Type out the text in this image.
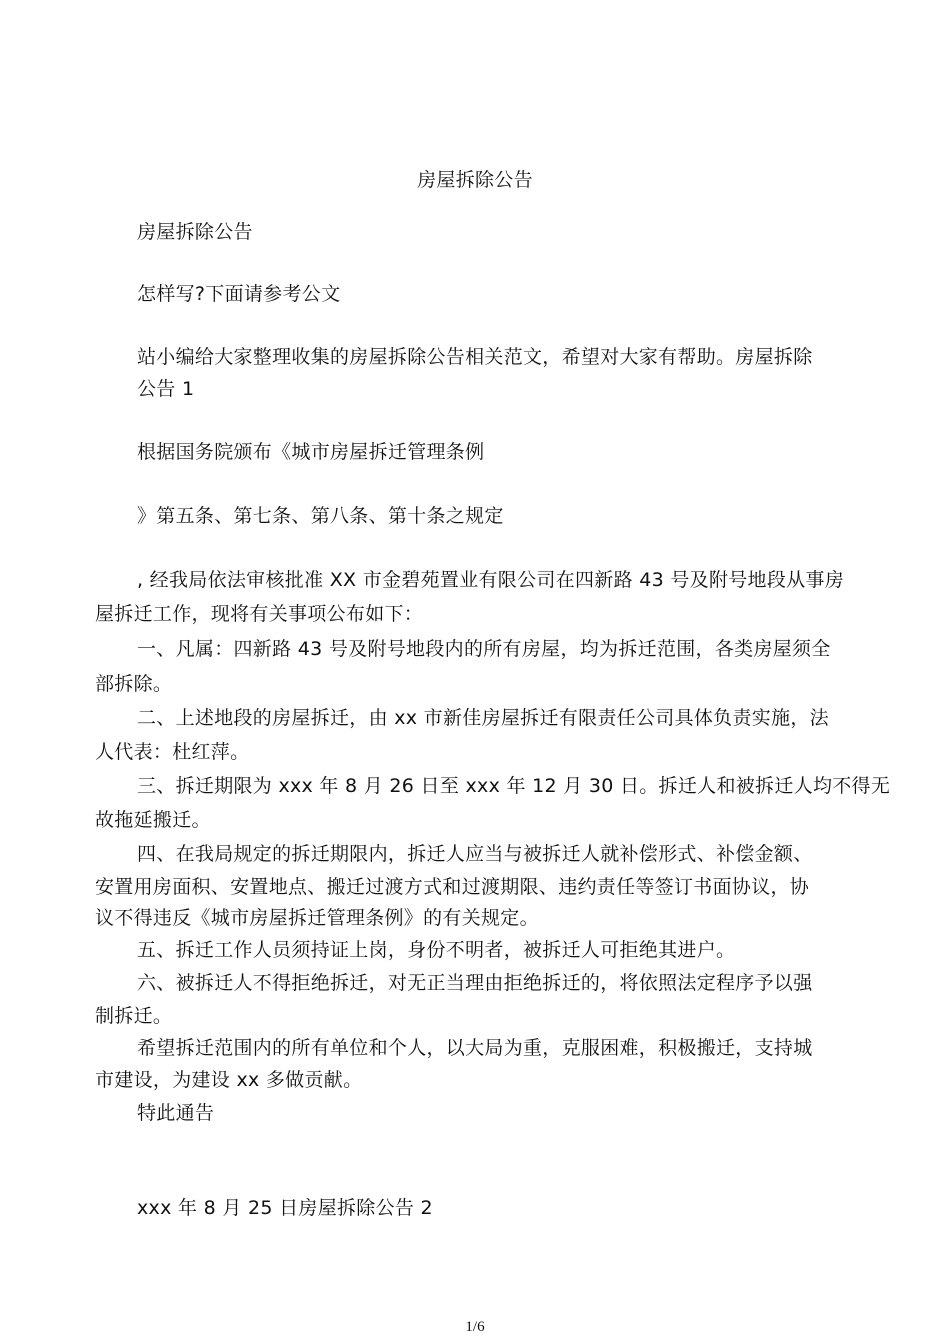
房屋拆除公告
房屋拆除公告
怎样写?下面请参考公文
站小编给大家整理收集的房屋拆除公告相关范文，希望对大家有帮助。房屋拆除
公告 1
根据国务院颁布《城市房屋拆迁管理条例
》第五条、第七条、第八条、第十条之规定
, 经我局依法审核批准 XX 市金碧苑置业有限公司在四新路 43 号及附号地段从事房
屋拆迁工作，现将有关事项公布如下：
一、凡属：四新路 43 号及附号地段内的所有房屋，均为拆迁范围，各类房屋须全
部拆除。
二、上述地段的房屋拆迁，由 xx 市新佳房屋拆迁有限责任公司具体负责实施，法
人代表：杜红萍。
三、拆迁期限为 xxx 年 8 月 26 日至 xxx 年 12 月 30 日。拆迁人和被拆迁人均不得无
故拖延搬迁。
四、在我局规定的拆迁期限内，拆迁人应当与被拆迁人就补偿形式、补偿金额、
安置用房面积、安置地点、搬迁过渡方式和过渡期限、违约责任等签订书面协议，协
议不得违反《城市房屋拆迁管理条例》的有关规定。
五、拆迁工作人员须持证上岗，身份不明者，被拆迁人可拒绝其进户。
六、被拆迁人不得拒绝拆迁，对无正当理由拒绝拆迁的，将依照法定程序予以强
制拆迁。
希望拆迁范围内的所有单位和个人，以大局为重，克服困难，积极搬迁，支持城
市建设，为建设 xx 多做贡献。
特此通告
xxx 年 8 月 25 日房屋拆除公告 2
1/6
